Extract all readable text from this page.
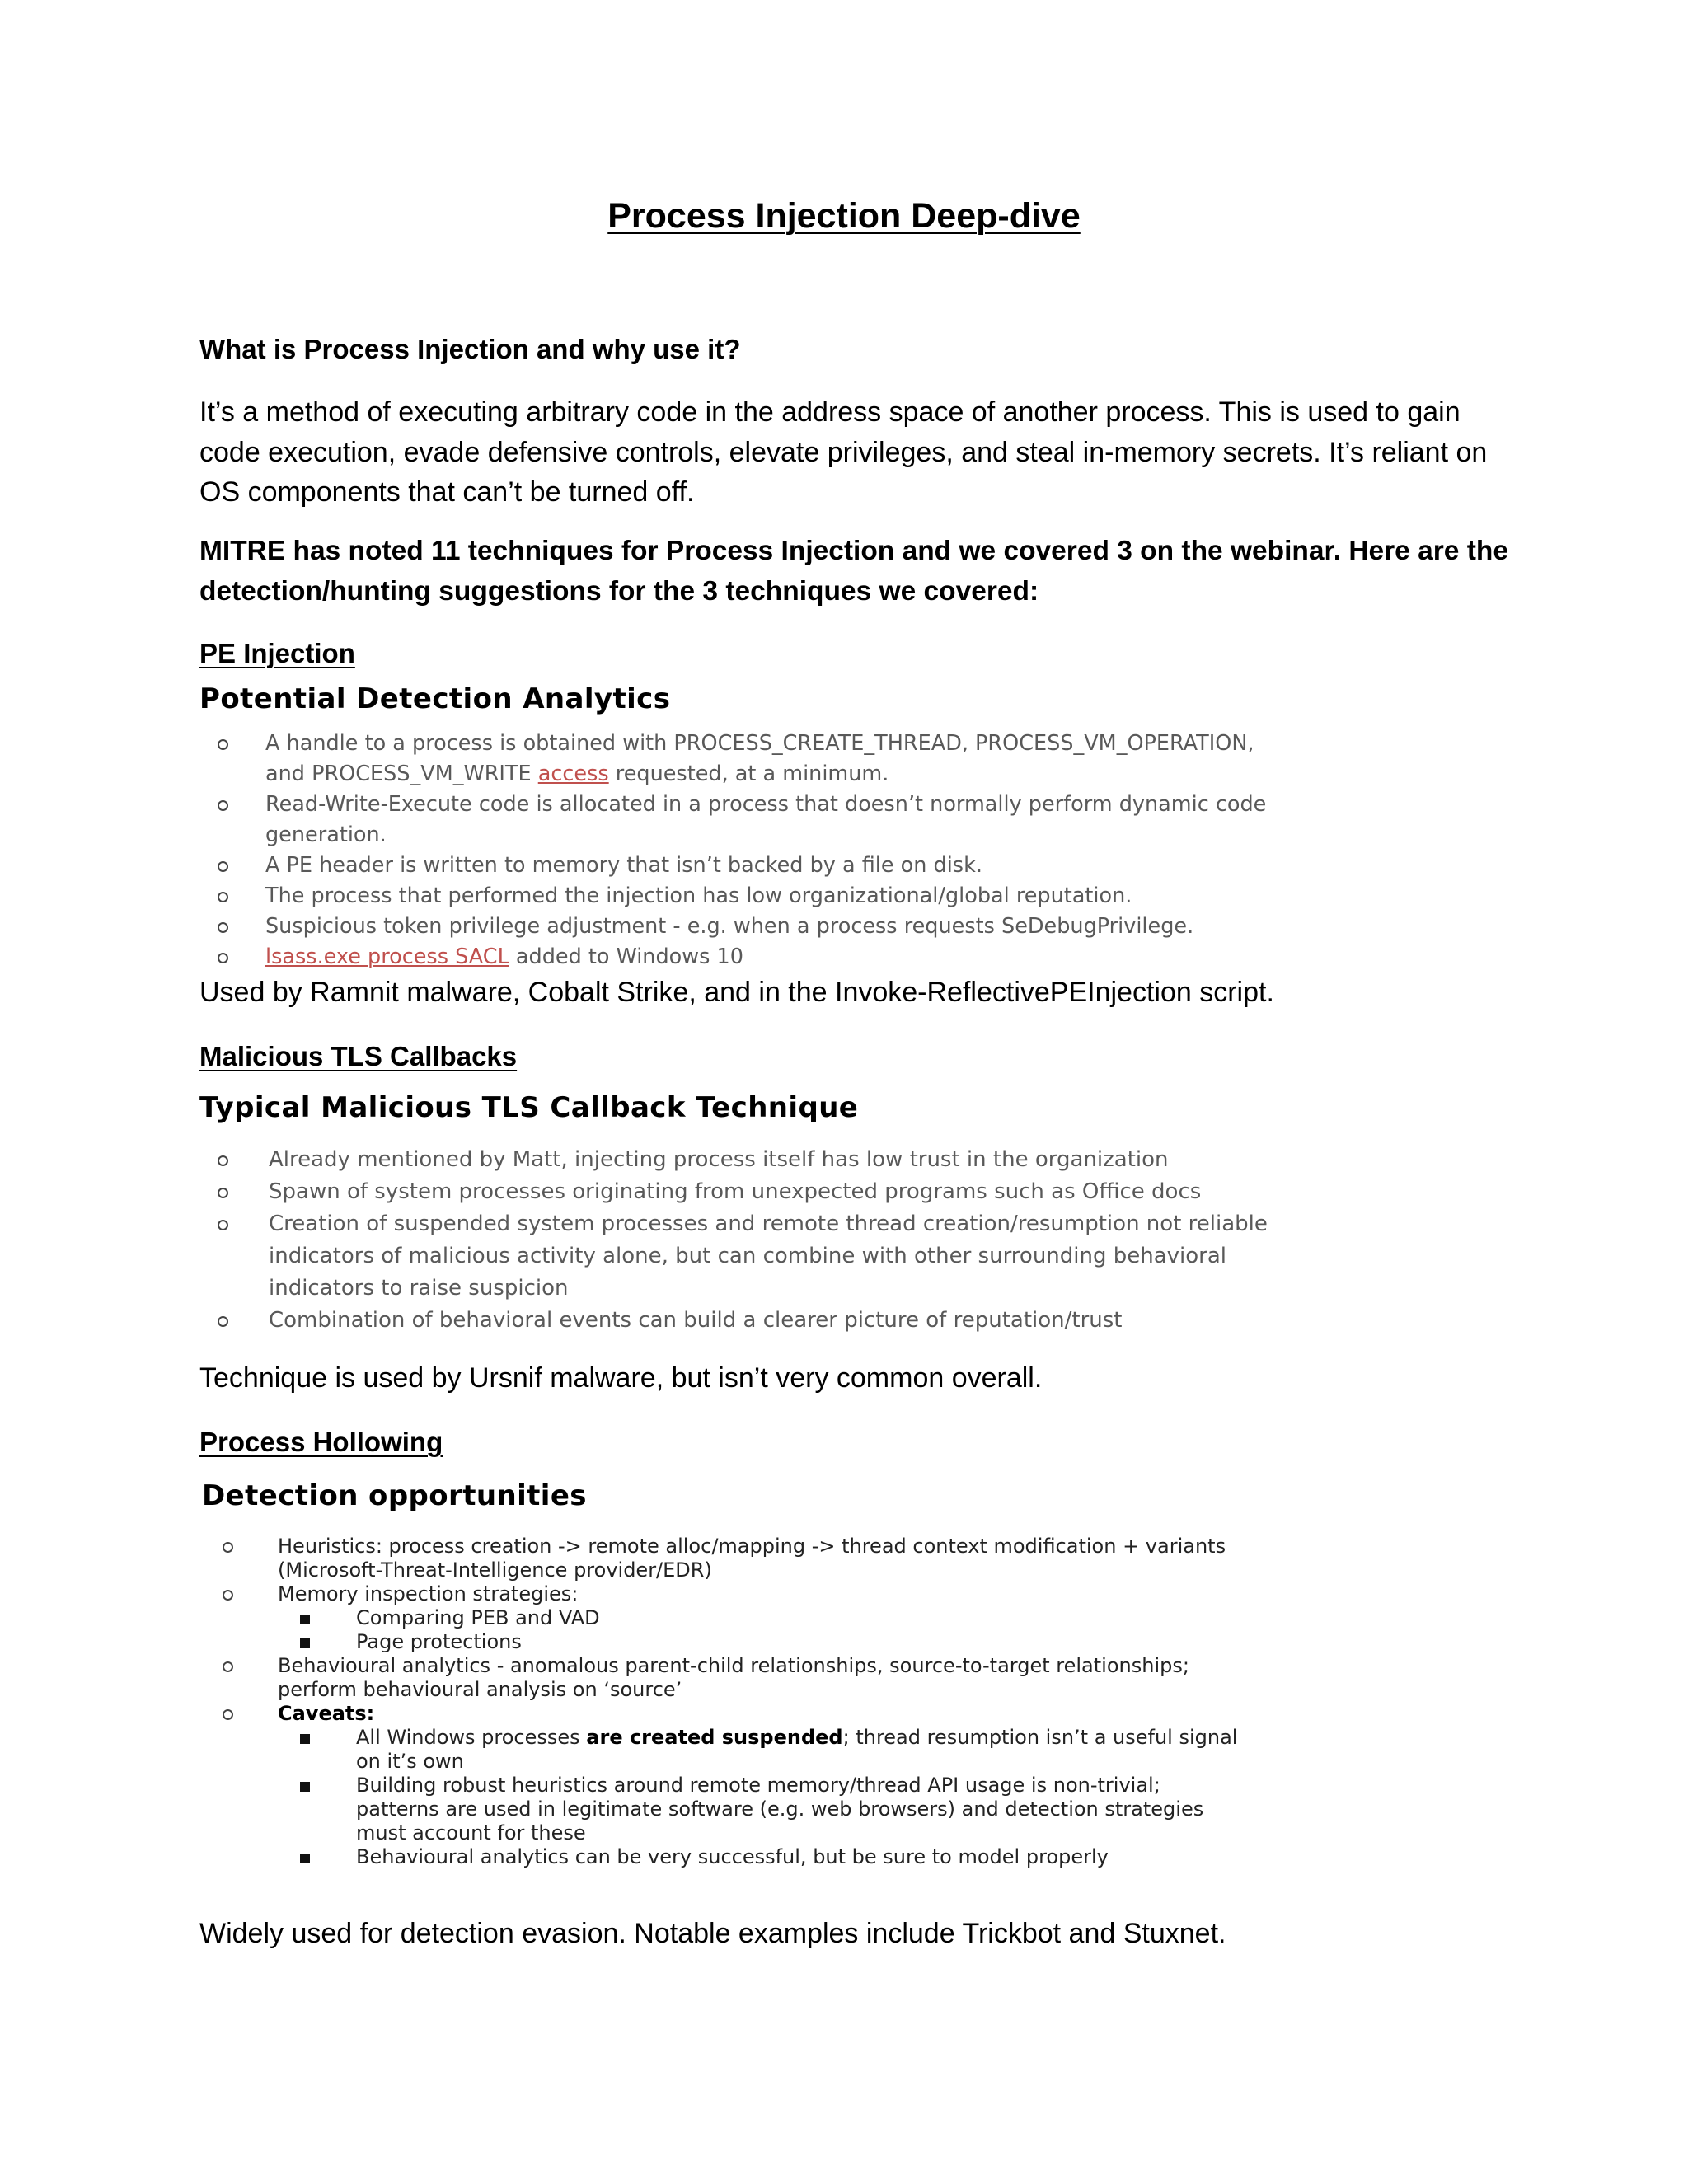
Process Injection Deep-dive
What is Process Injection and why use it?

It’s a method of executing arbitrary code in the address space of another process. This is used to gain code execution, evade defensive controls, elevate privileges, and steal in-memory secrets. It’s reliant on OS components that can’t be turned off.

MITRE has noted 11 techniques for Process Injection and we covered 3 on the webinar. Here are the detection/hunting suggestions for the 3 techniques we covered:

PE Injection
Potential Detection Analytics
A handle to a process is obtained with PROCESS_CREATE_THREAD, PROCESS_VM_OPERATION, and PROCESS_VM_WRITE access requested, at a minimum.
Read-Write-Execute code is allocated in a process that doesn’t normally perform dynamic code generation.
A PE header is written to memory that isn’t backed by a file on disk.
The process that performed the injection has low organizational/global reputation.
Suspicious token privilege adjustment - e.g. when a process requests SeDebugPrivilege.
lsass.exe process SACL added to Windows 10

Used by Ramnit malware, Cobalt Strike, and in the Invoke-ReflectivePEInjection script.

Malicious TLS Callbacks
Typical Malicious TLS Callback Technique
Already mentioned by Matt, injecting process itself has low trust in the organization
Spawn of system processes originating from unexpected programs such as Office docs
Creation of suspended system processes and remote thread creation/resumption not reliable indicators of malicious activity alone, but can combine with other surrounding behavioral indicators to raise suspicion
Combination of behavioral events can build a clearer picture of reputation/trust

Technique is used by Ursnif malware, but isn’t very common overall.

Process Hollowing
Detection opportunities
Heuristics: process creation -> remote alloc/mapping -> thread context modification + variants (Microsoft-Threat-Intelligence provider/EDR)
Memory inspection strategies:
Comparing PEB and VAD
Page protections
Behavioural analytics - anomalous parent-child relationships, source-to-target relationships; perform behavioural analysis on ‘source’
Caveats:
All Windows processes are created suspended; thread resumption isn’t a useful signal on it’s own
Building robust heuristics around remote memory/thread API usage is non-trivial; patterns are used in legitimate software (e.g. web browsers) and detection strategies must account for these
Behavioural analytics can be very successful, but be sure to model properly

Widely used for detection evasion. Notable examples include Trickbot and Stuxnet.
